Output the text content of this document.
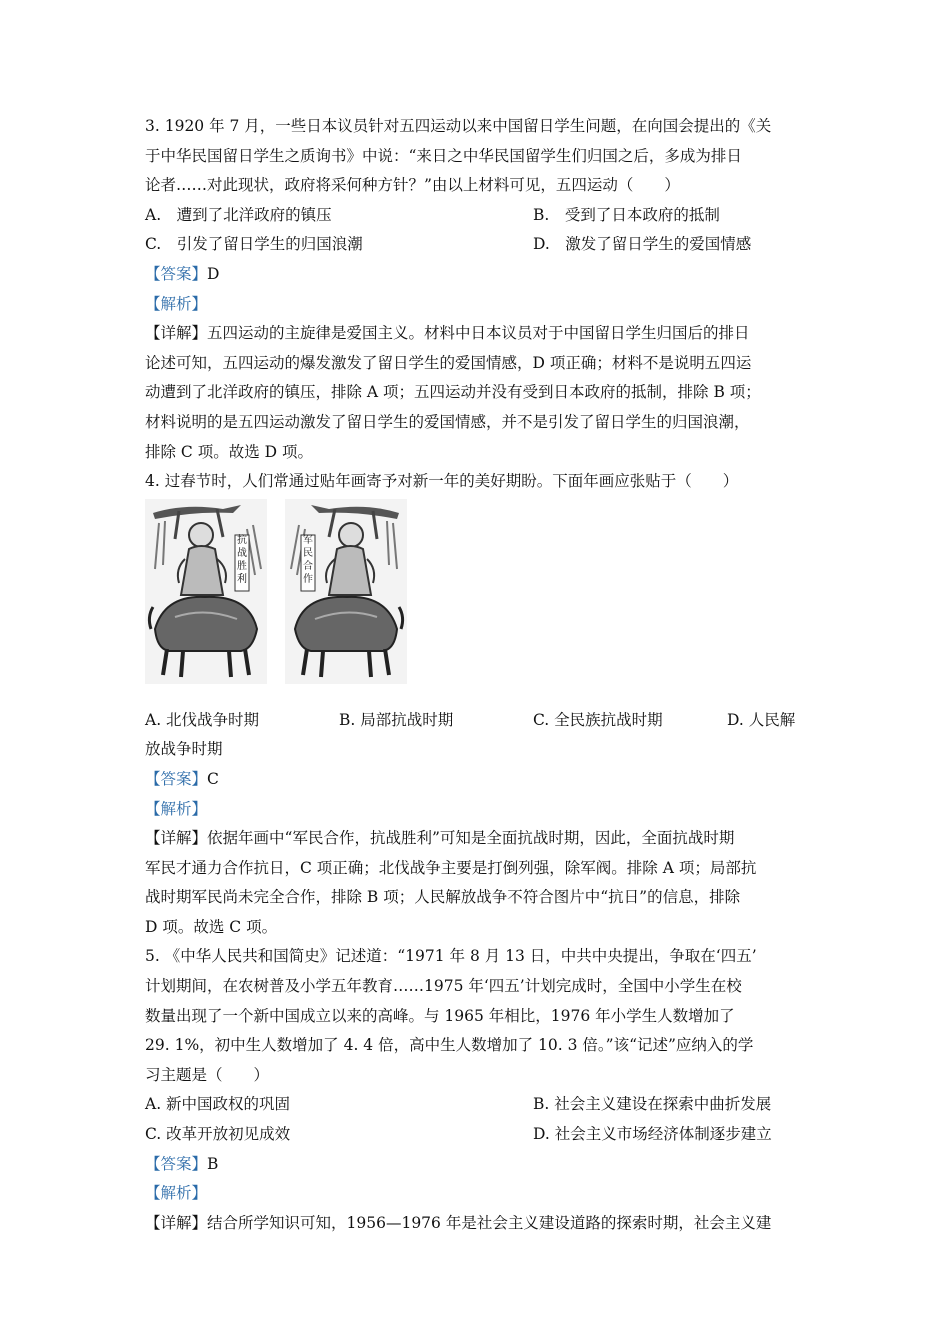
3. 1920 年 7 月，一些日本议员针对五四运动以来中国留日学生问题，在向国会提出的《关
于中华民国留日学生之质询书》中说：“来日之中华民国留学生们归国之后，多成为排日
论者……对此现状，政府将采何种方针？”由以上材料可见，五四运动（　　）
A.　遭到了北洋政府的镇压	B.　受到了日本政府的抵制
C.　引发了留日学生的归国浪潮	D.　激发了留日学生的爱国情感
【答案】D
【解析】
【详解】五四运动的主旋律是爱国主义。材料中日本议员对于中国留日学生归国后的排日
论述可知，五四运动的爆发激发了留日学生的爱国情感，D 项正确；材料不是说明五四运
动遭到了北洋政府的镇压，排除 A 项；五四运动并没有受到日本政府的抵制，排除 B 项；
材料说明的是五四运动激发了留日学生的爱国情感，并不是引发了留日学生的归国浪潮，
排除 C 项。故选 D 项。
4. 过春节时，人们常通过贴年画寄予对新一年的美好期盼。下面年画应张贴于（　　）
抗
战
胜
利
军
民
合
作
A. 北伐战争时期	B. 局部抗战时期	C. 全民族抗战时期	D. 人民解
放战争时期
【答案】C
【解析】
【详解】依据年画中“军民合作，抗战胜利”可知是全面抗战时期，因此，全面抗战时期
军民才通力合作抗日，C 项正确；北伐战争主要是打倒列强，除军阀。排除 A 项；局部抗
战时期军民尚未完全合作，排除 B 项；人民解放战争不符合图片中“抗日”的信息，排除
D 项。故选 C 项。
5. 《中华人民共和国简史》记述道：“1971 年 8 月 13 日，中共中央提出，争取在‘四五’
计划期间，在农树普及小学五年教育……1975 年‘四五’计划完成时，全国中小学生在校
数量出现了一个新中国成立以来的高峰。与 1965 年相比，1976 年小学生人数增加了
29. 1%，初中生人数增加了 4. 4 倍，高中生人数增加了 10. 3 倍。”该“记述”应纳入的学
习主题是（　　）
A. 新中国政权的巩固	B. 社会主义建设在探索中曲折发展
C. 改革开放初见成效	D. 社会主义市场经济体制逐步建立
【答案】B
【解析】
【详解】结合所学知识可知，1956—1976 年是社会主义建设道路的探索时期，社会主义建
